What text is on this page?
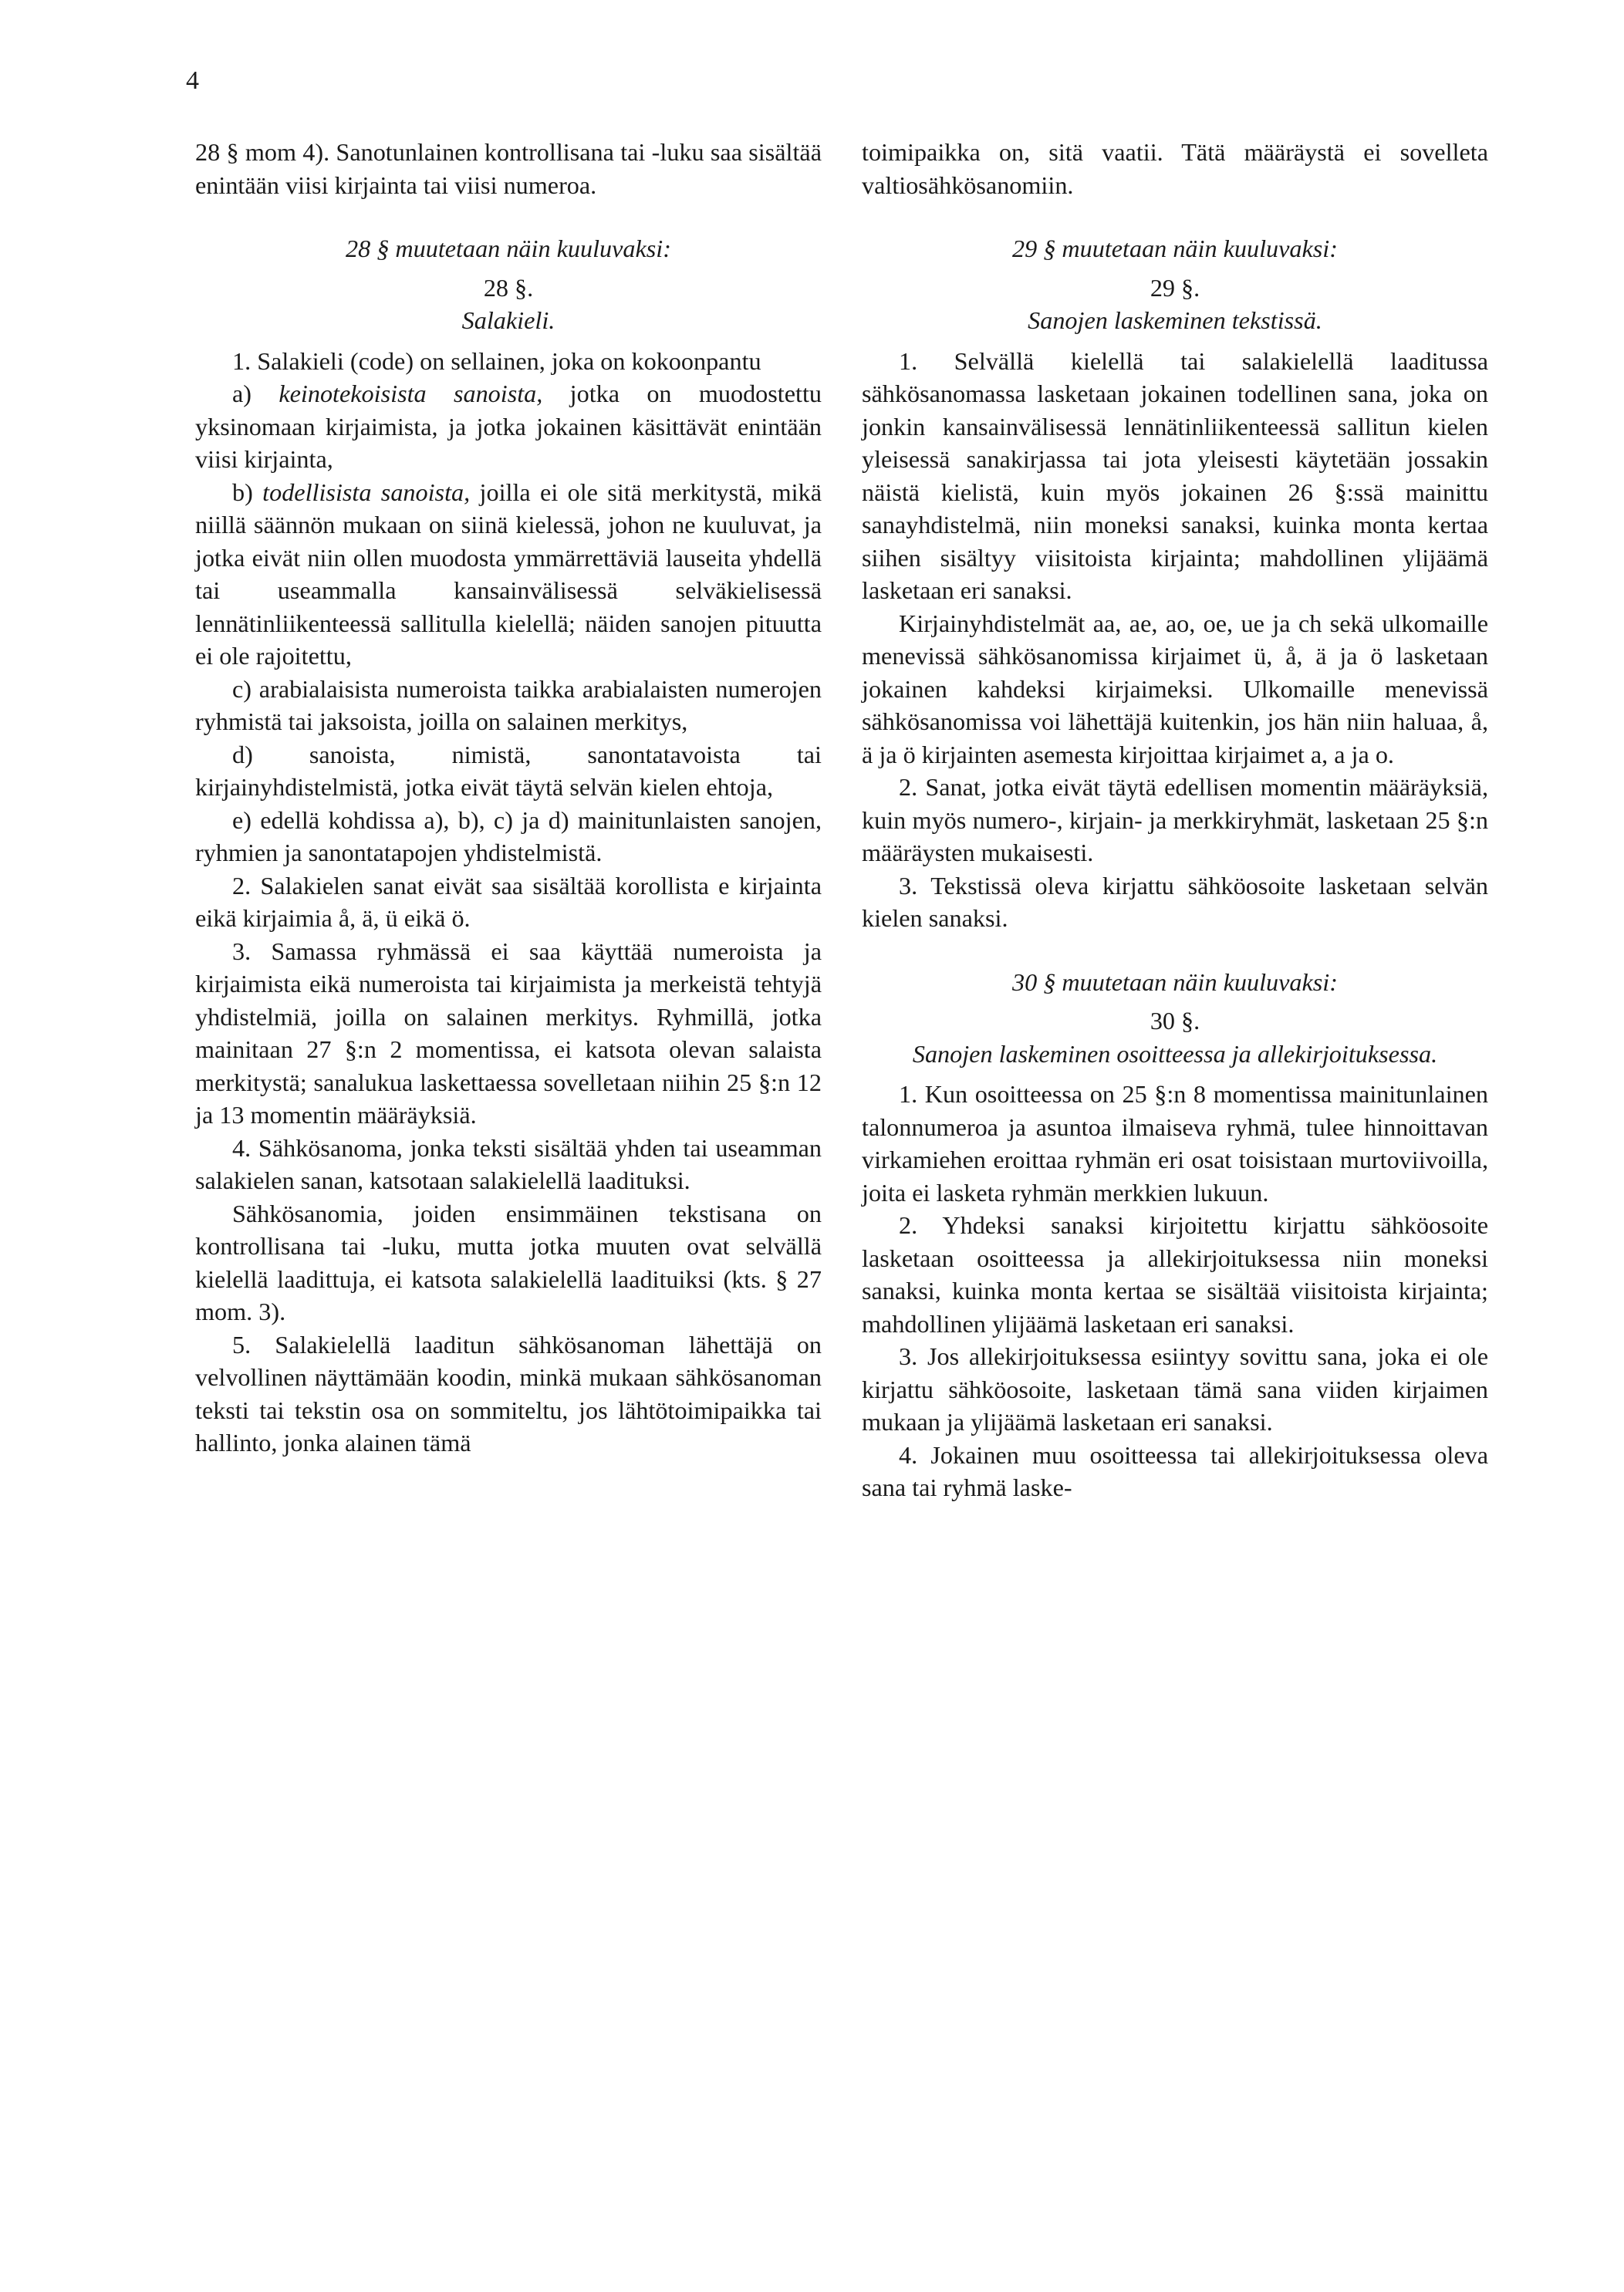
4

28 § mom 4). Sanotunlainen kontrollisana tai -luku saa sisältää enintään viisi kirjainta tai viisi numeroa.

28 § muutetaan näin kuuluvaksi:

28 §.

Salakieli.

1. Salakieli (code) on sellainen, joka on kokoonpantu

a) keinotekoisista sanoista, jotka on muodostettu yksinomaan kirjaimista, ja jotka jokainen käsittävät enintään viisi kirjainta,

b) todellisista sanoista, joilla ei ole sitä merkitystä, mikä niillä säännön mukaan on siinä kielessä, johon ne kuuluvat, ja jotka eivät niin ollen muodosta ymmärrettäviä lauseita yhdellä tai useammalla kansainvälisessä selväkielisessä lennätinliikenteessä sallitulla kielellä; näiden sanojen pituutta ei ole rajoitettu,

c) arabialaisista numeroista taikka arabialaisten numerojen ryhmistä tai jaksoista, joilla on salainen merkitys,

d) sanoista, nimistä, sanontatavoista tai kirjainyhdistelmistä, jotka eivät täytä selvän kielen ehtoja,

e) edellä kohdissa a), b), c) ja d) mainitunlaisten sanojen, ryhmien ja sanontatapojen yhdistelmistä.

2. Salakielen sanat eivät saa sisältää korollista e kirjainta eikä kirjaimia å, ä, ü eikä ö.

3. Samassa ryhmässä ei saa käyttää numeroista ja kirjaimista eikä numeroista tai kirjaimista ja merkeistä tehtyjä yhdistelmiä, joilla on salainen merkitys. Ryhmillä, jotka mainitaan 27 §:n 2 momentissa, ei katsota olevan salaista merkitystä; sanalukua laskettaessa sovelletaan niihin 25 §:n 12 ja 13 momentin määräyksiä.

4. Sähkösanoma, jonka teksti sisältää yhden tai useamman salakielen sanan, katsotaan salakielellä laadituksi.

Sähkösanomia, joiden ensimmäinen tekstisana on kontrollisana tai -luku, mutta jotka muuten ovat selvällä kielellä laadittuja, ei katsota salakielellä laadituiksi (kts. § 27 mom. 3).

5. Salakielellä laaditun sähkösanoman lähettäjä on velvollinen näyttämään koodin, minkä mukaan sähkösanoman teksti tai tekstin osa on sommiteltu, jos lähtötoimipaikka tai hallinto, jonka alainen tämä

toimipaikka on, sitä vaatii. Tätä määräystä ei sovelleta valtiosähkösanomiin.

29 § muutetaan näin kuuluvaksi:

29 §.

Sanojen laskeminen tekstissä.

1. Selvällä kielellä tai salakielellä laaditussa sähkösanomassa lasketaan jokainen todellinen sana, joka on jonkin kansainvälisessä lennätinliikenteessä sallitun kielen yleisessä sanakirjassa tai jota yleisesti käytetään jossakin näistä kielistä, kuin myös jokainen 26 §:ssä mainittu sanayhdistelmä, niin moneksi sanaksi, kuinka monta kertaa siihen sisältyy viisitoista kirjainta; mahdollinen ylijäämä lasketaan eri sanaksi.

Kirjainyhdistelmät aa, ae, ao, oe, ue ja ch sekä ulkomaille menevissä sähkösanomissa kirjaimet ü, å, ä ja ö lasketaan jokainen kahdeksi kirjaimeksi. Ulkomaille menevissä sähkösanomissa voi lähettäjä kuitenkin, jos hän niin haluaa, å, ä ja ö kirjainten asemesta kirjoittaa kirjaimet a, a ja o.

2. Sanat, jotka eivät täytä edellisen momentin määräyksiä, kuin myös numero-, kirjain- ja merkkiryhmät, lasketaan 25 §:n määräysten mukaisesti.

3. Tekstissä oleva kirjattu sähköosoite lasketaan selvän kielen sanaksi.

30 § muutetaan näin kuuluvaksi:

30 §.

Sanojen laskeminen osoitteessa ja allekirjoituksessa.

1. Kun osoitteessa on 25 §:n 8 momentissa mainitunlainen talonnumeroa ja asuntoa ilmaiseva ryhmä, tulee hinnoittavan virkamiehen eroittaa ryhmän eri osat toisistaan murtoviivoilla, joita ei lasketa ryhmän merkkien lukuun.

2. Yhdeksi sanaksi kirjoitettu kirjattu sähköosoite lasketaan osoitteessa ja allekirjoituksessa niin moneksi sanaksi, kuinka monta kertaa se sisältää viisitoista kirjainta; mahdollinen ylijäämä lasketaan eri sanaksi.

3. Jos allekirjoituksessa esiintyy sovittu sana, joka ei ole kirjattu sähköosoite, lasketaan tämä sana viiden kirjaimen mukaan ja ylijäämä lasketaan eri sanaksi.

4. Jokainen muu osoitteessa tai allekirjoituksessa oleva sana tai ryhmä laske-
